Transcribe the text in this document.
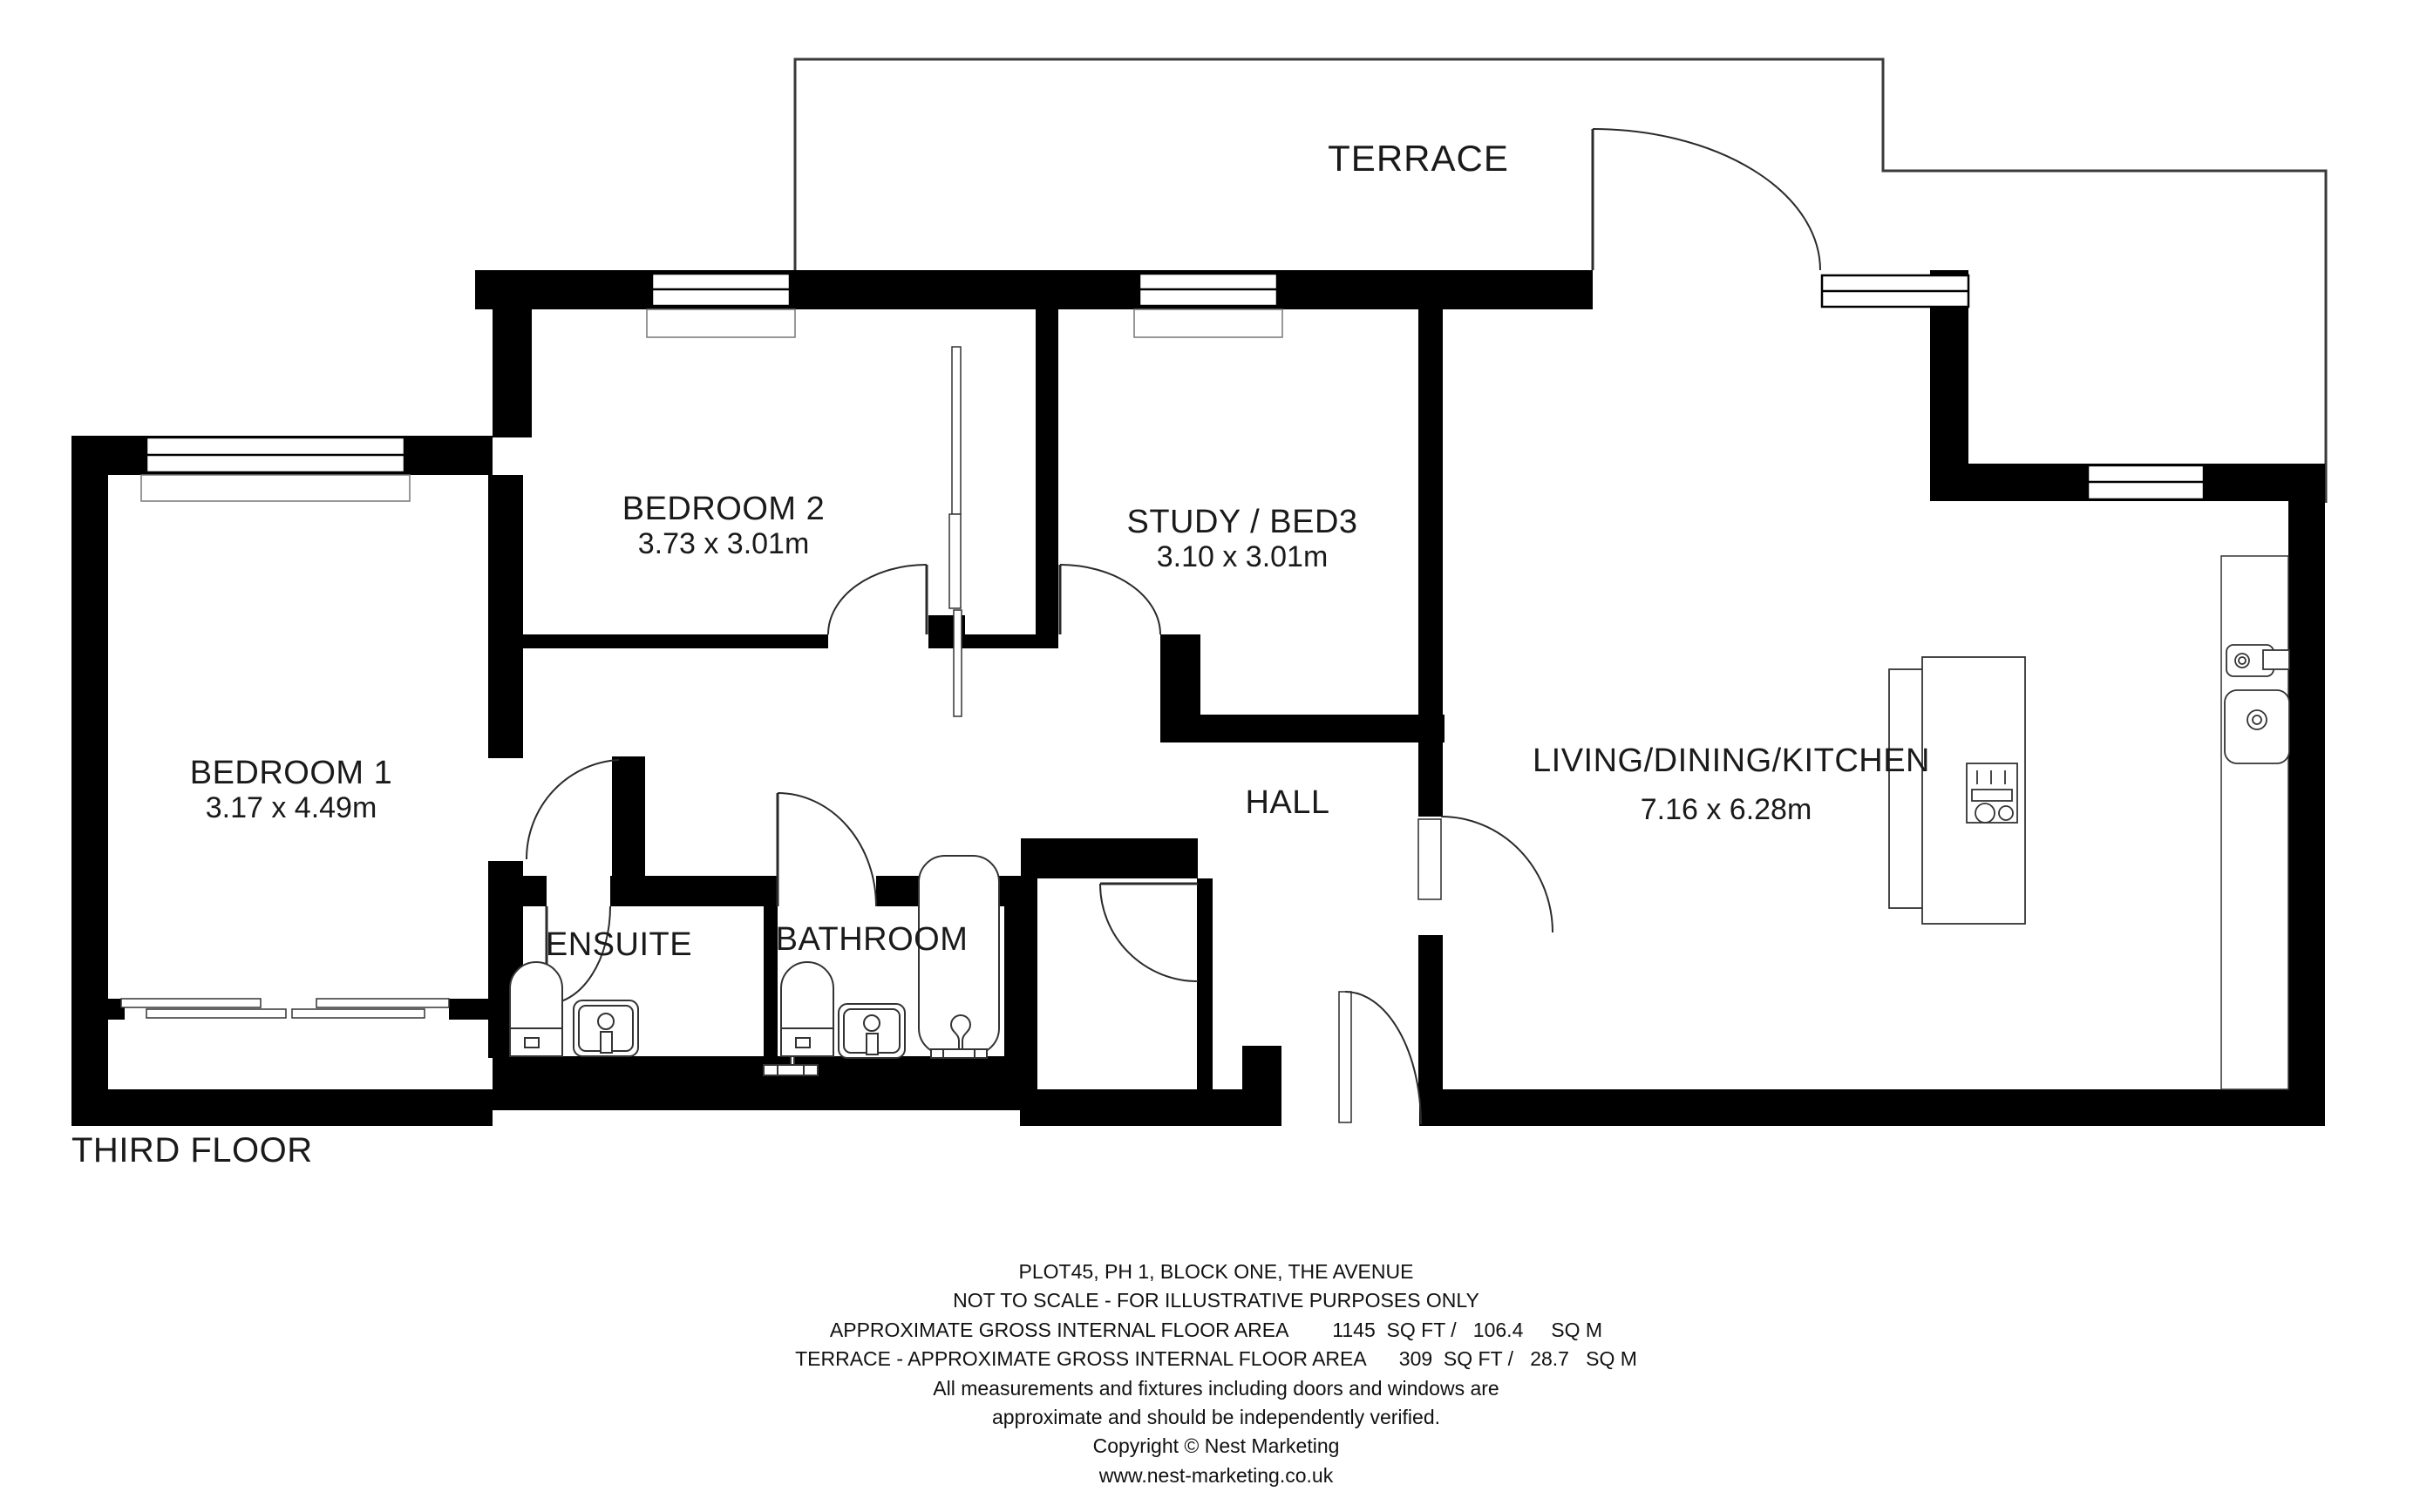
TERRACE
BEDROOM 2
3.73 x 3.01m
STUDY / BED3
3.10 x 3.01m
BEDROOM 1
3.17 x 4.49m
LIVING/DINING/KITCHEN
7.16 x 6.28m
HALL
ENSUITE	BATHROOM
THIRD FLOOR
PLOT45, PH 1, BLOCK ONE, THE AVENUE
NOT TO SCALE - FOR ILLUSTRATIVE PURPOSES ONLY
APPROXIMATE GROSS INTERNAL FLOOR AREA        1145  SQ FT /   106.4     SQ M
TERRACE - APPROXIMATE GROSS INTERNAL FLOOR AREA      309  SQ FT /   28.7   SQ M
All measurements and fixtures including doors and windows are
approximate and should be independently verified.
Copyright © Nest Marketing
www.nest-marketing.co.uk
